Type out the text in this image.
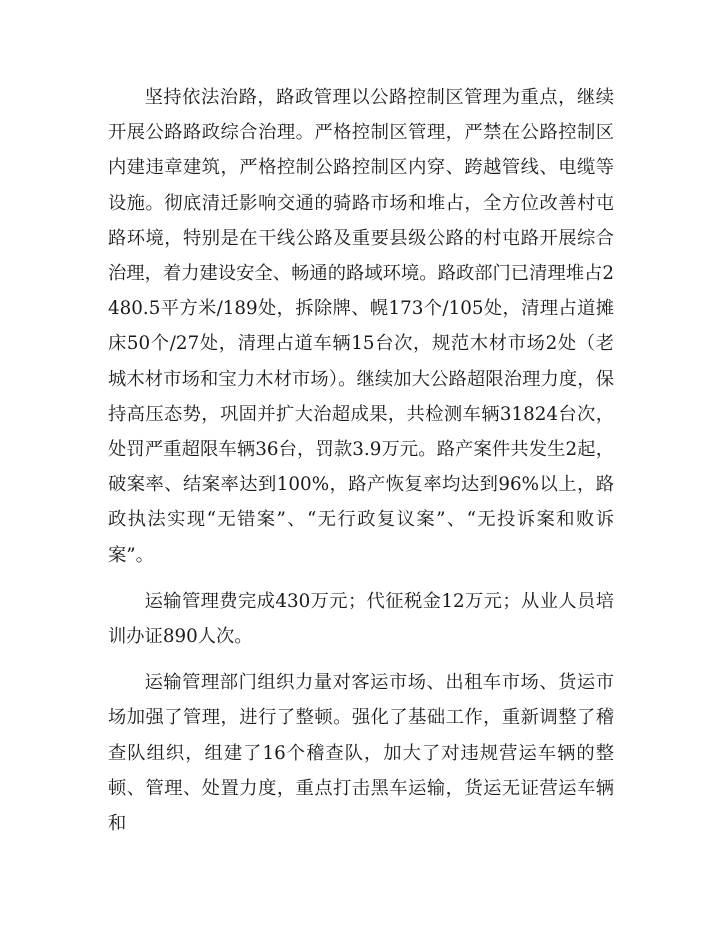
坚持依法治路，路政管理以公路控制区管理为重点，继续开展公路路政综合治理。严格控制区管理，严禁在公路控制区内建违章建筑，严格控制公路控制区内穿、跨越管线、电缆等设施。彻底清迁影响交通的骑路市场和堆占，全方位改善村屯路环境，特别是在干线公路及重要县级公路的村屯路开展综合治理，着力建设安全、畅通的路域环境。路政部门已清理堆占2480.5平方米/189处，拆除牌、幌173个/105处，清理占道摊床50个/27处，清理占道车辆15台次，规范木材市场2处（老城木材市场和宝力木材市场）。继续加大公路超限治理力度，保持高压态势，巩固并扩大治超成果，共检测车辆31824台次，处罚严重超限车辆36台，罚款3.9万元。路产案件共发生2起，破案率、结案率达到100%，路产恢复率均达到96%以上，路政执法实现“无错案”、“无行政复议案”、“无投诉案和败诉案”。

运输管理费完成430万元；代征税金12万元；从业人员培训办证890人次。

运输管理部门组织力量对客运市场、出租车市场、货运市场加强了管理，进行了整顿。强化了基础工作，重新调整了稽查队组织，组建了16个稽查队，加大了对违规营运车辆的整顿、管理、处置力度，重点打击黑车运输，货运无证营运车辆和
